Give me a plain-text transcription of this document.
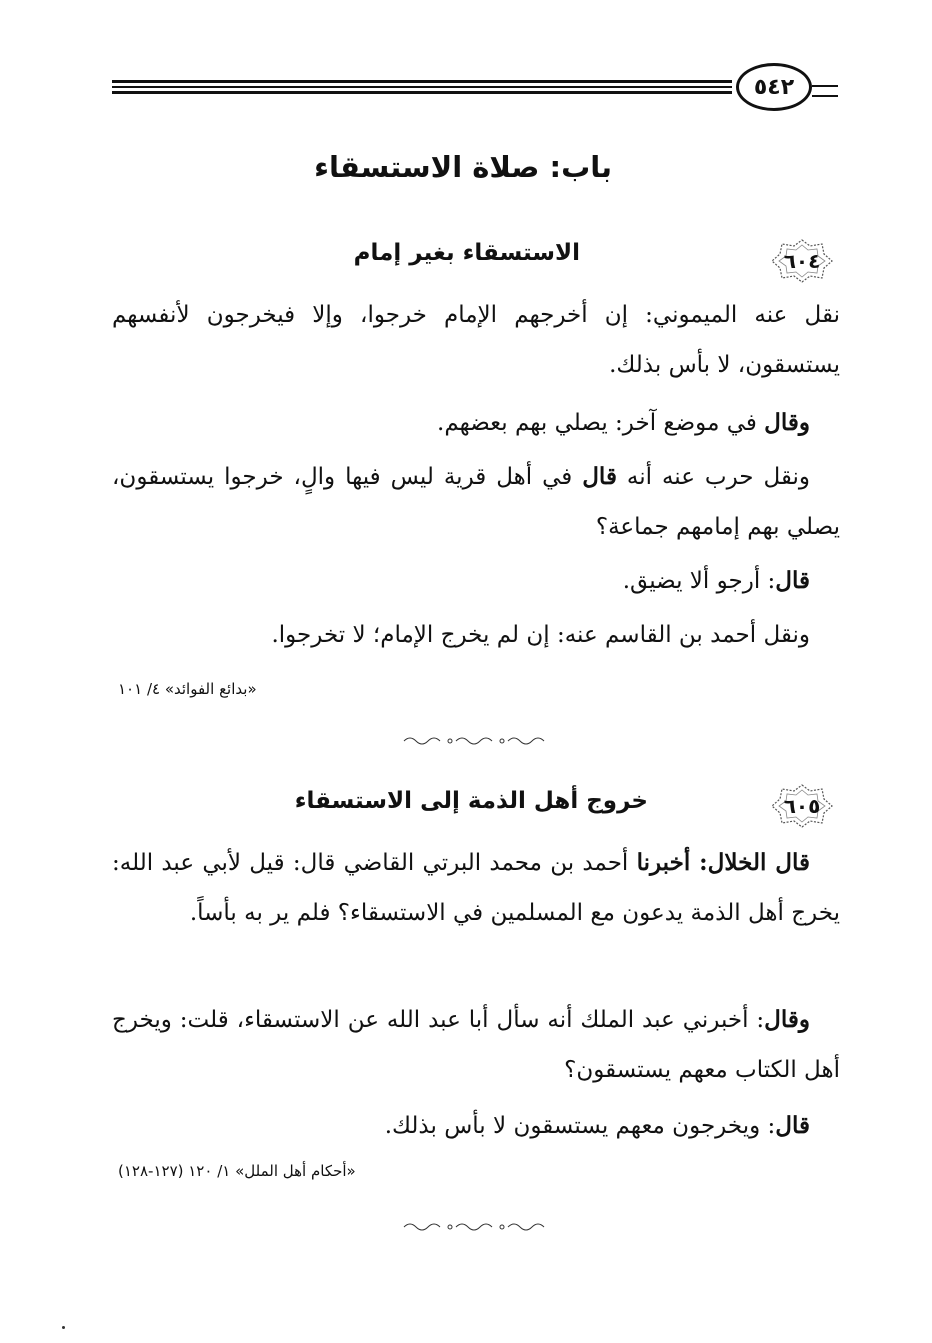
٥٤٢
باب: صلاة الاستسقاء
٦٠٤
الاستسقاء بغير إمام
نقل عنه الميموني: إن أخرجهم الإمام خرجوا، وإلا فيخرجون لأنفسهم يستسقون، لا بأس بذلك.
وقال في موضع آخر: يصلي بهم بعضهم.
ونقل حرب عنه أنه قال في أهل قرية ليس فيها والٍ، خرجوا يستسقون، يصلي بهم إمامهم جماعة؟
قال: أرجو ألا يضيق.
ونقل أحمد بن القاسم عنه: إن لم يخرج الإمام؛ لا تخرجوا.
«بدائع الفوائد» ٤/ ١٠١
٦٠٥
خروج أهل الذمة إلى الاستسقاء
قال الخلال: أخبرنا أحمد بن محمد البرتي القاضي قال: قيل لأبي عبد الله: يخرج أهل الذمة يدعون مع المسلمين في الاستسقاء؟ فلم ير به بأساً.
وقال: أخبرني عبد الملك أنه سأل أبا عبد الله عن الاستسقاء، قلت: ويخرج أهل الكتاب معهم يستسقون؟
قال: ويخرجون معهم يستسقون لا بأس بذلك.
«أحكام أهل الملل» ١/ ١٢٠ (١٢٧-١٢٨)
